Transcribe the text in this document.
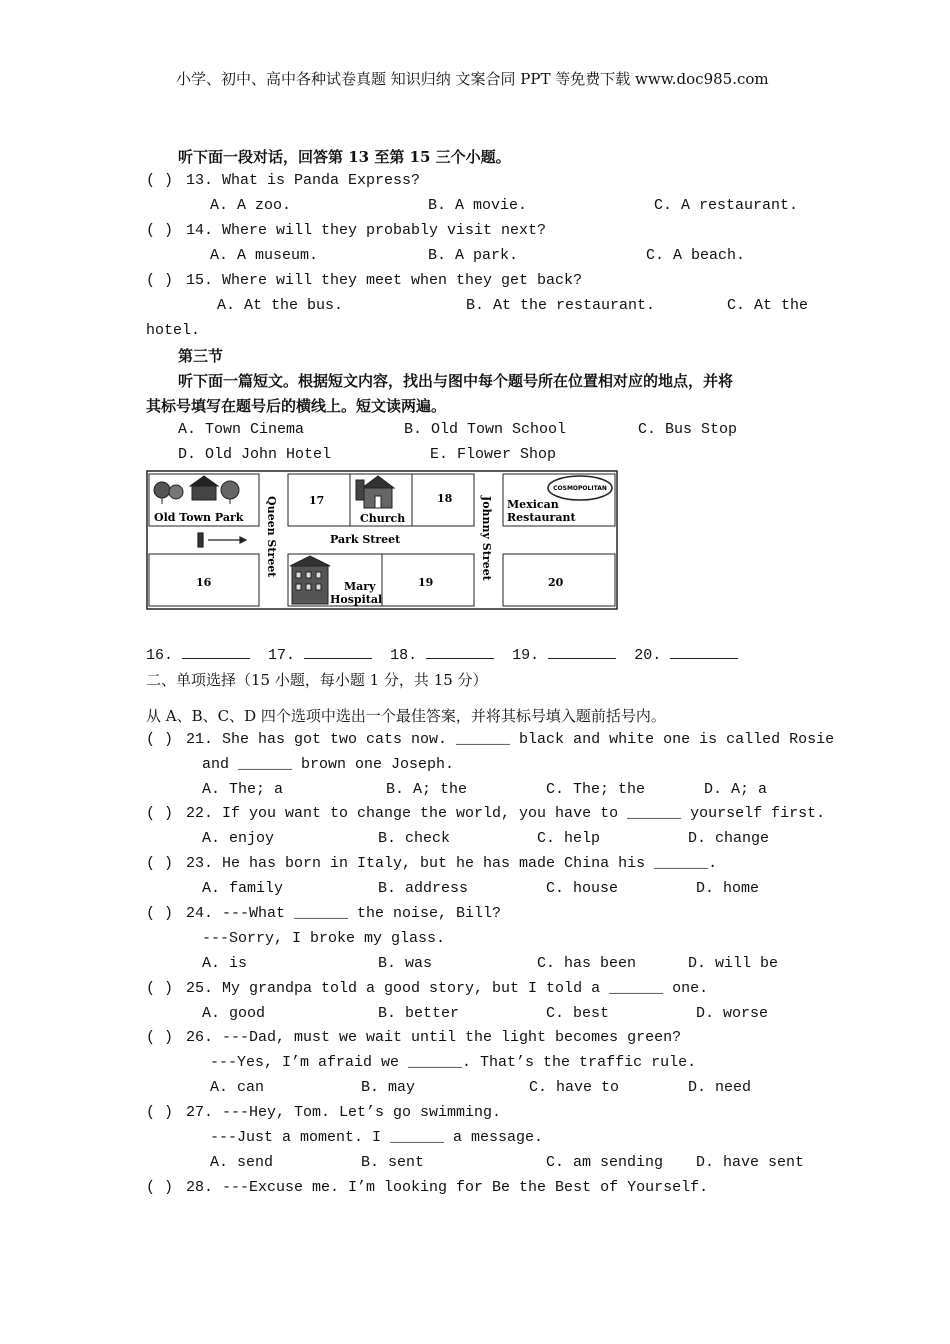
小学、初中、高中各种试卷真题 知识归纳 文案合同 PPT 等免费下载 www.doc985.com
听下面一段对话，回答第 13 至第 15 三个小题。
( ) 13. What is Panda Express?
A. A zoo.	B. A movie.	C. A restaurant.
( ) 14. Where will they probably visit next?
A. A museum.	B. A park.	C. A beach.
( ) 15. Where will they meet when they get back?
A. At the bus.	B. At the restaurant.	C. At the
hotel.
第三节
听下面一篇短文。根据短文内容，找出与图中每个题号所在位置相对应的地点，并将
其标号填写在题号后的横线上。短文读两遍。
A. Town Cinema	B. Old Town School	C. Bus Stop
D. Old John Hotel	E. Flower Shop
Old Town Park
17
Church
18	Mexican
Restaurant
COSMOPOLITAN
Park Street
16	Mary
Hospital
19	20
Queen Street	Johnny Street
16.	17.	18.	19.	20.
二、单项选择（15 小题，每小题 1 分，共 15 分）
从 A、B、C、D 四个选项中选出一个最佳答案，并将其标号填入题前括号内。
( ) 21. She has got two cats now. ______ black and white one is called Rosie
and ______ brown one Joseph.
A. The; a	B. A; the	C. The; the	D. A; a
( ) 22. If you want to change the world, you have to ______ yourself first.
A. enjoy	B. check	C. help	D. change
( ) 23. He has born in Italy, but he has made China his ______.
A. family	B. address	C. house	D. home
( ) 24. ---What ______ the noise, Bill?
---Sorry, I broke my glass.
A. is	B. was	C. has been	D. will be
( ) 25. My grandpa told a good story, but I told a ______ one.
A. good	B. better	C. best	D. worse
( ) 26. ---Dad, must we wait until the light becomes green?
---Yes, I’m afraid we ______. That’s the traffic rule.
A. can	B. may	C. have to	D. need
( ) 27. ---Hey, Tom. Let’s go swimming.
---Just a moment. I ______ a message.
A. send	B. sent	C. am sending D. have sent
( ) 28. ---Excuse me. I’m looking for Be the Best of Yourself.
